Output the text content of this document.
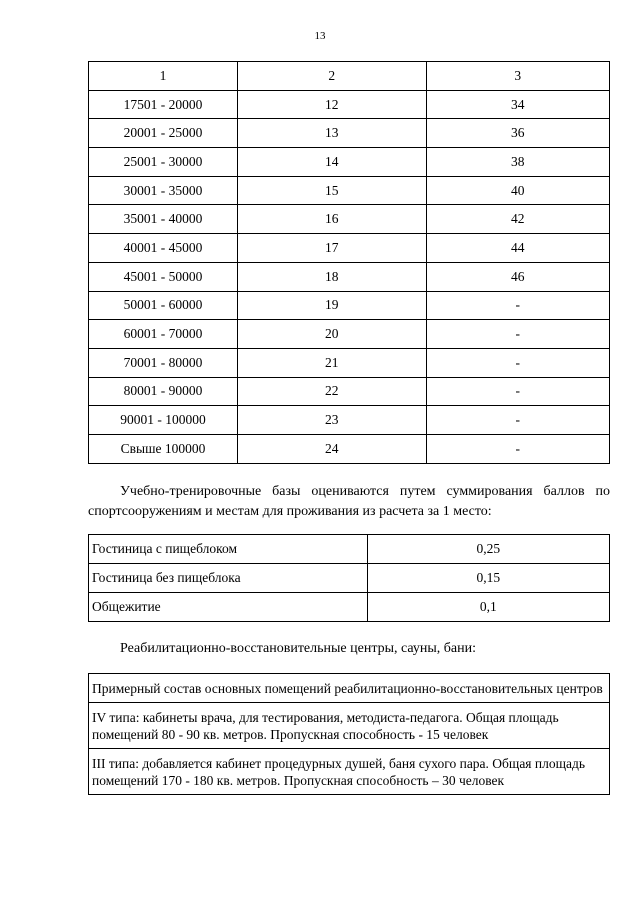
13
1	2	3
17501 - 20000	12	34
20001 - 25000	13	36
25001 - 30000	14	38
30001 - 35000	15	40
35001 - 40000	16	42
40001 - 45000	17	44
45001 - 50000	18	46
50001 - 60000	19	-
60001 - 70000	20	-
70001 - 80000	21	-
80001 - 90000	22	-
90001 - 100000	23	-
Свыше 100000	24	-

Учебно-тренировочные базы оцениваются путем суммирования баллов по спортсооружениям и местам для проживания из расчета за 1 место:

Гостиница с пищеблоком	0,25
Гостиница без пищеблока	0,15
Общежитие	0,1

Реабилитационно-восстановительные центры, сауны, бани:

Примерный состав основных помещений реабилитационно-восстановительных центров
IV типа: кабинеты врача, для тестирования, методиста-педагога. Общая площадь помещений 80 - 90 кв. метров. Пропускная способность - 15 человек
III типа: добавляется кабинет процедурных душей, баня сухого пара. Общая площадь помещений 170 - 180 кв. метров. Пропускная способность – 30 человек
